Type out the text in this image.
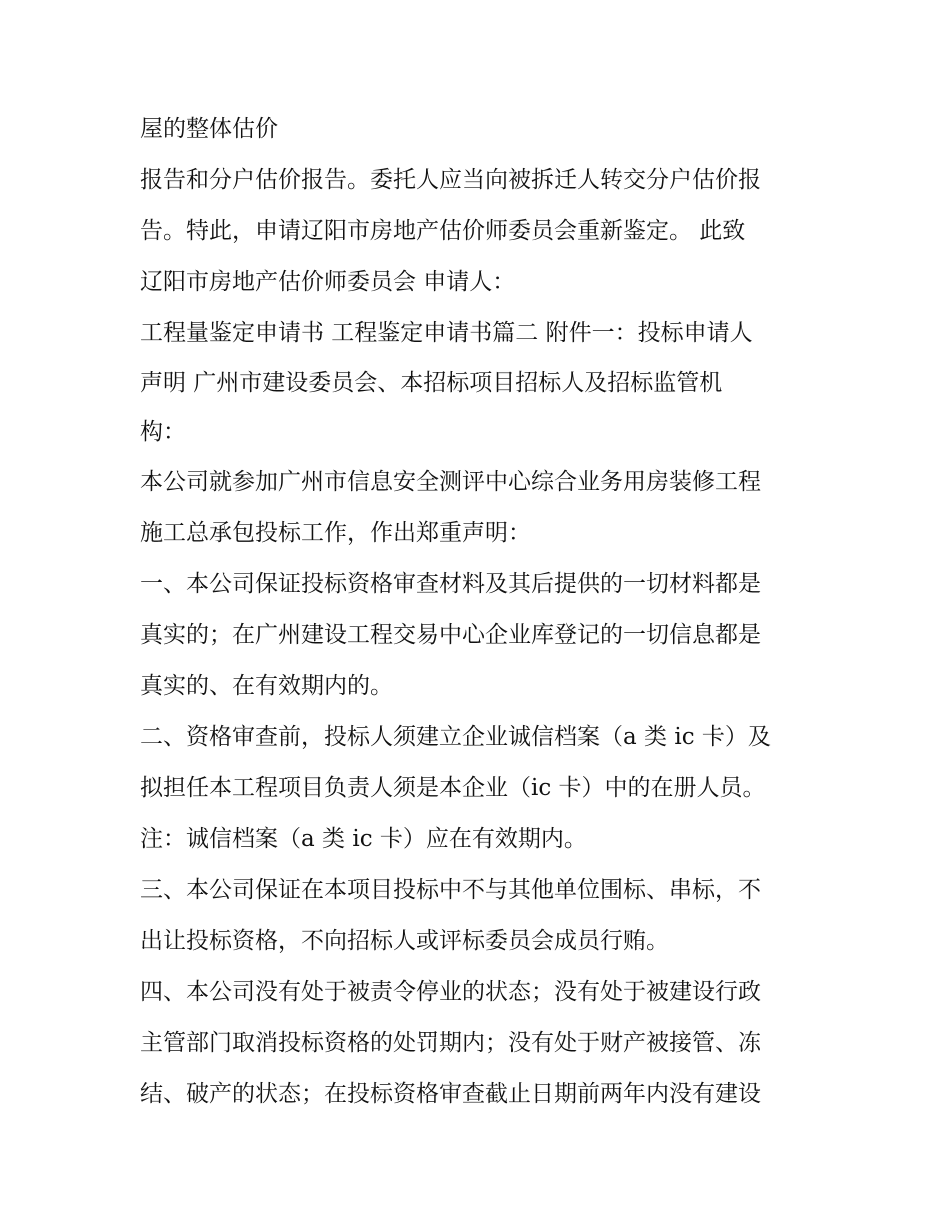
屋的整体估价
报告和分户估价报告。委托人应当向被拆迁人转交分户估价报
告。特此，申请辽阳市房地产估价师委员会重新鉴定。 此致
辽阳市房地产估价师委员会 申请人：
工程量鉴定申请书 工程鉴定申请书篇二 附件一：投标申请人
声明 广州市建设委员会、本招标项目招标人及招标监管机
构：
本公司就参加广州市信息安全测评中心综合业务用房装修工程
施工总承包投标工作，作出郑重声明：
一、本公司保证投标资格审查材料及其后提供的一切材料都是
真实的；在广州建设工程交易中心企业库登记的一切信息都是
真实的、在有效期内的。
二、资格审查前，投标人须建立企业诚信档案（a 类 ic 卡）及
拟担任本工程项目负责人须是本企业（ic 卡）中的在册人员。
注：诚信档案（a 类 ic 卡）应在有效期内。
三、本公司保证在本项目投标中不与其他单位围标、串标，不
出让投标资格，不向招标人或评标委员会成员行贿。
四、本公司没有处于被责令停业的状态；没有处于被建设行政
主管部门取消投标资格的处罚期内；没有处于财产被接管、冻
结、破产的状态；在投标资格审查截止日期前两年内没有建设
